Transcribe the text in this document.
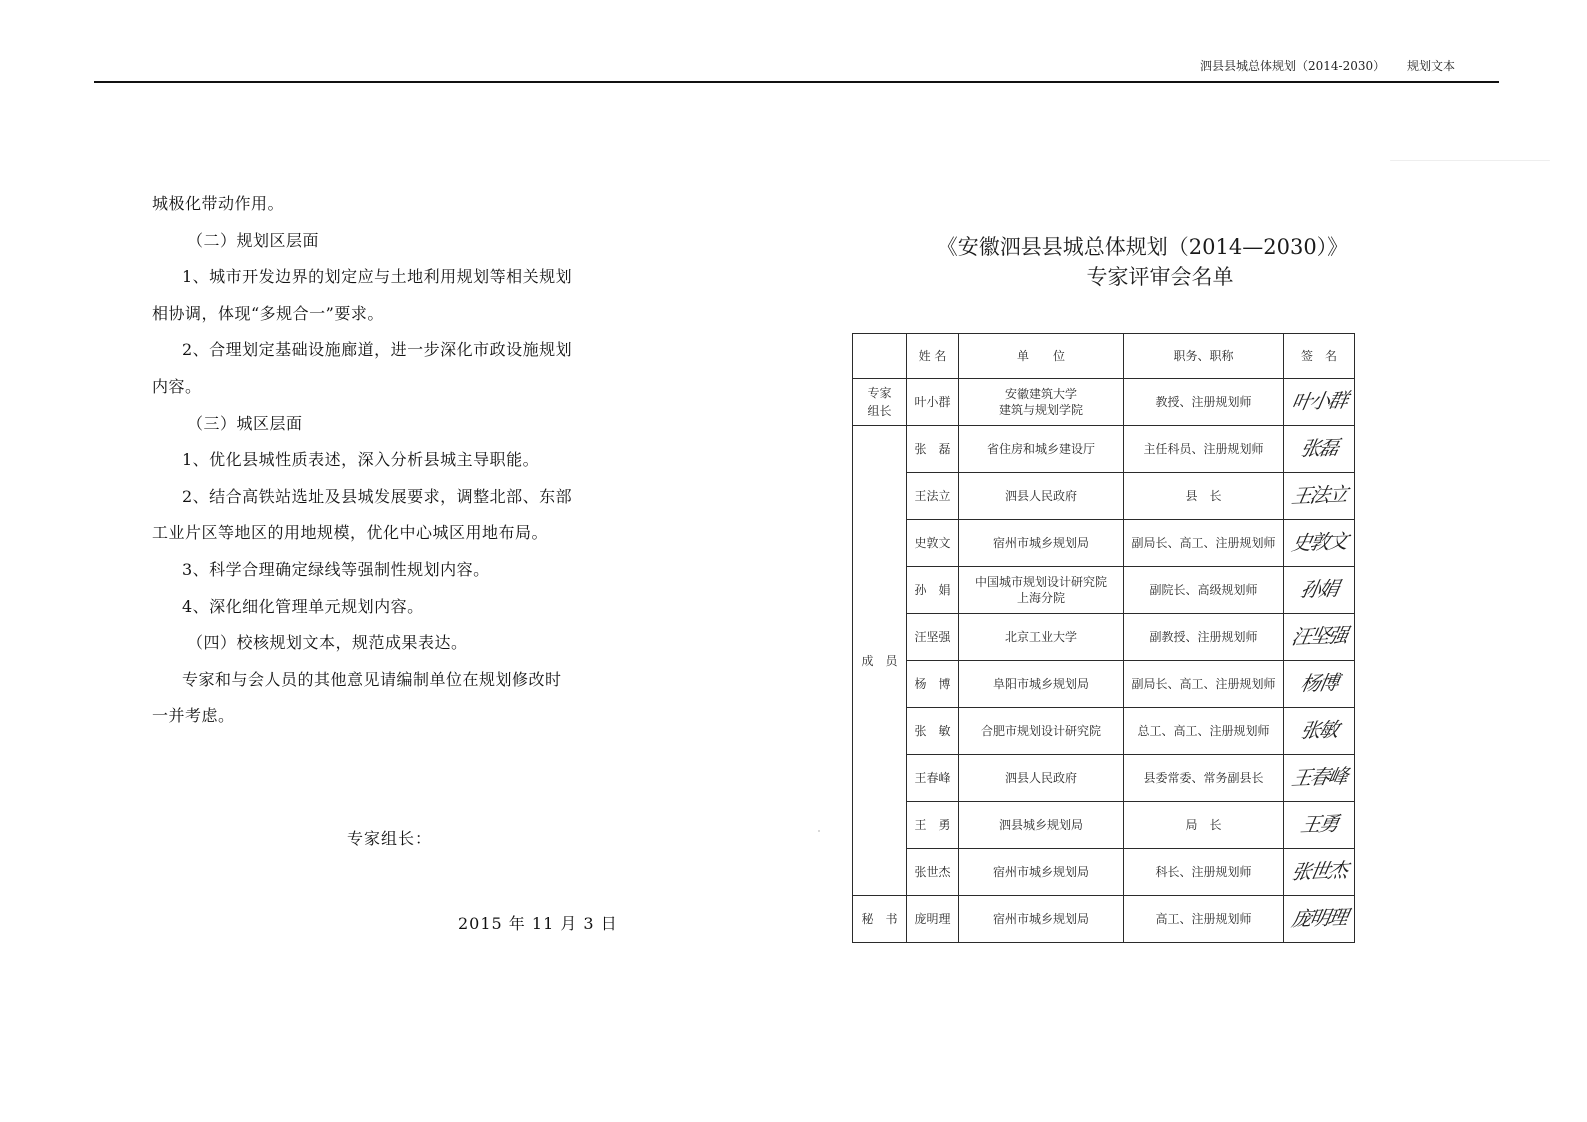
泗县县城总体规划（2014-2030） 规划文本

城极化带动作用。

（二）规划区层面

1、城市开发边界的划定应与土地利用规划等相关规划

相协调，体现“多规合一”要求。

2、合理划定基础设施廊道，进一步深化市政设施规划

内容。

（三）城区层面

1、优化县城性质表述，深入分析县城主导职能。

2、结合高铁站选址及县城发展要求，调整北部、东部

工业片区等地区的用地规模，优化中心城区用地布局。

3、科学合理确定绿线等强制性规划内容。

4、深化细化管理单元规划内容。

（四）校核规划文本，规范成果表达。

专家和与会人员的其他意见请编制单位在规划修改时

一并考虑。

专家组长：
2015 年 11 月 3 日
《安徽泗县县城总体规划（2014—2030）》
专家评审会名单
	姓 名	单　　位	职务、职称	签　名
专家组长	叶小群	安徽建筑大学
建筑与规划学院	教授、注册规划师	叶小群
成　员	张　磊	省住房和城乡建设厅	主任科员、注册规划师	张磊
	王法立	泗县人民政府	县　长	王法立
	史敦文	宿州市城乡规划局	副局长、高工、注册规划师	史敦文
	孙　娟	中国城市规划设计研究院
上海分院	副院长、高级规划师	孙娟
	汪坚强	北京工业大学	副教授、注册规划师	汪坚强
	杨　博	阜阳市城乡规划局	副局长、高工、注册规划师	杨博
	张　敏	合肥市规划设计研究院	总工、高工、注册规划师	张敏
	王春峰	泗县人民政府	县委常委、常务副县长	王春峰
	王　勇	泗县城乡规划局	局　长	王勇
	张世杰	宿州市城乡规划局	科长、注册规划师	张世杰
秘　书	庞明理	宿州市城乡规划局	高工、注册规划师	庞明理
